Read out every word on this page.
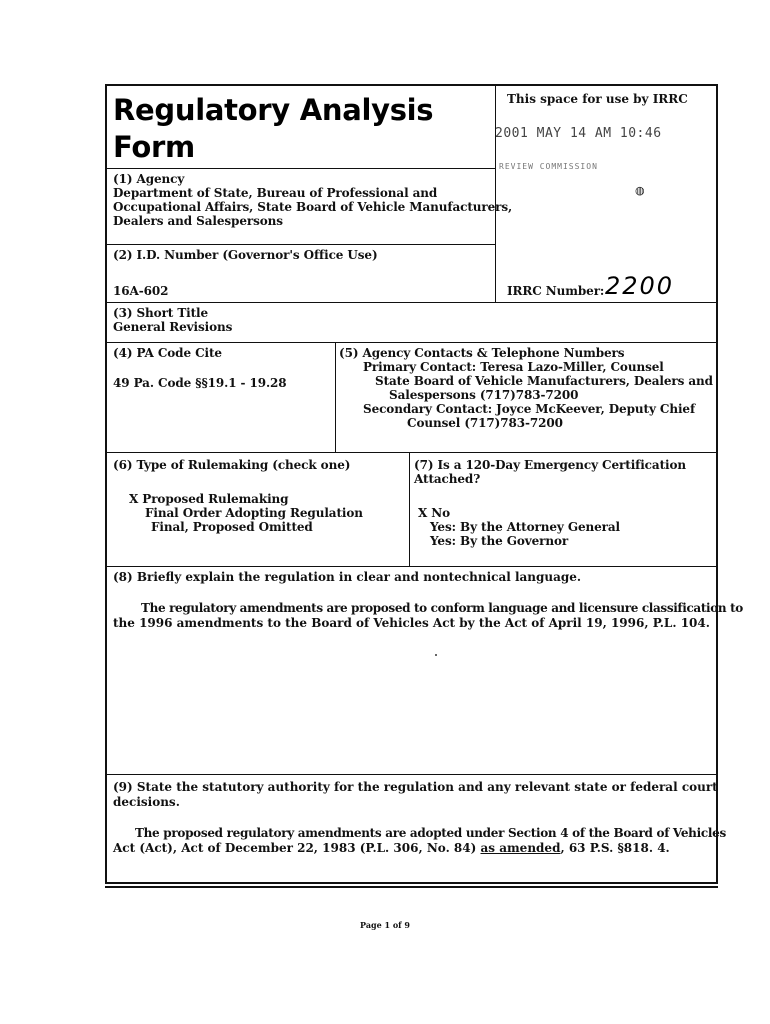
Regulatory Analysis
Form
This space for use by IRRC
2001 MAY 14 AM 10:46
REVIEW COMMISSION
◍
IRRC Number: 2200
(1) Agency
Department of State, Bureau of Professional and
Occupational Affairs, State Board of Vehicle Manufacturers,
Dealers and Salespersons
(2) I.D. Number (Governor's Office Use)
16A-602
(3) Short Title
General Revisions
(4) PA Code Cite
49 Pa. Code §§19.1 - 19.28
(5) Agency Contacts & Telephone Numbers
Primary Contact: Teresa Lazo-Miller, Counsel
State Board of Vehicle Manufacturers, Dealers and
Salespersons (717)783-7200
Secondary Contact: Joyce McKeever, Deputy Chief
Counsel (717)783-7200
(6) Type of Rulemaking (check one)
X Proposed Rulemaking
Final Order Adopting Regulation
Final, Proposed Omitted
(7) Is a 120-Day Emergency Certification
Attached?
X No
Yes: By the Attorney General
Yes: By the Governor
(8) Briefly explain the regulation in clear and nontechnical language.
The regulatory amendments are proposed to conform language and licensure classification to
the 1996 amendments to the Board of Vehicles Act by the Act of April 19, 1996, P.L. 104.
(9) State the statutory authority for the regulation and any relevant state or federal court
decisions.
The proposed regulatory amendments are adopted under Section 4 of the Board of Vehicles
Act (Act), Act of December 22, 1983 (P.L. 306, No. 84) as amended, 63 P.S. §818. 4.
Page 1 of 9
